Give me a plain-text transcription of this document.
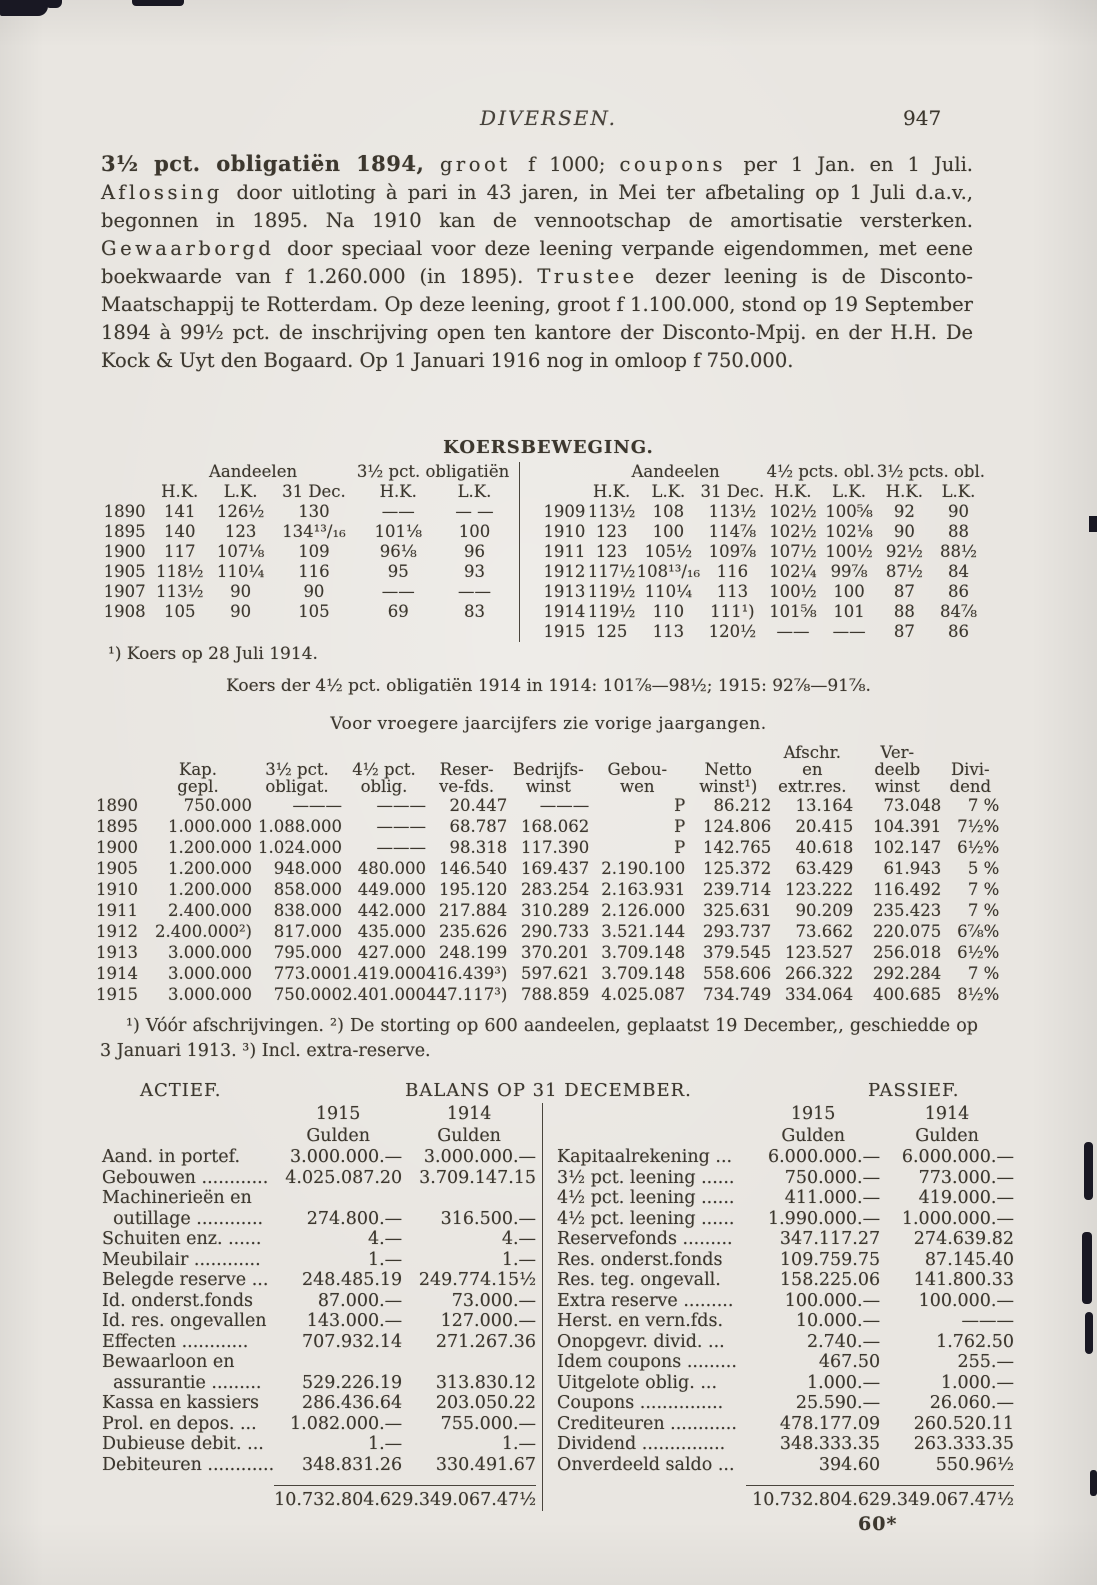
DIVERSEN.	947

3½ pct. obligatiën 1894, groot f 1000; coupons per 1 Jan. en 1 Juli. Aflossing door uitloting à pari in 43 jaren, in Mei ter afbetaling op 1 Juli d.a.v., begonnen in 1895. Na 1910 kan de vennootschap de amortisatie versterken. Gewaarborgd door speciaal voor deze leening verpande eigendommen, met eene boekwaarde van f 1.260.000 (in 1895). Trustee dezer leening is de Disconto-Maatschappij te Rotterdam. Op deze leening, groot f 1.100.000, stond op 19 September 1894 à 99½ pct. de inschrijving open ten kantore der Disconto-Mpij. en der H.H. De Kock & Uyt den Bogaard. Op 1 Januari 1916 nog in omloop f 750.000.

KOERSBEWEGING.
	Aandeelen			3½ pct. obligatiën	
	H.K.	L.K.	31 Dec.	H.K.	L.K.
1890	141	126½	130	——	— —
1895	140	123	134¹³/₁₆	101⅛	100
1900	117	107⅛	109	96⅛	96
1905	118½	110¼	116	95	93
1907	113½	90	90	——	——
1908	105	90	105	69	83
	Aandeelen			4½ pcts. obl.		3½ pcts. obl.	
	H.K.	L.K.	31 Dec.	H.K.	L.K.	H.K.	L.K.
1909	113½	108	113½	102½	100⅝	92	90
1910	123	100	114⅞	102½	102⅛	90	88
1911	123	105½	109⅞	107½	100½	92½	88½
1912	117½	108¹³/₁₆	116	102¼	99⅞	87½	84
1913	119½	110¼	113	100½	100	87	86
1914	119½	110	111¹)	101⅝	101	88	84⅞
1915	125	113	120½	——	——	87	86
¹) Koers op 28 Juli 1914.
Koers der 4½ pct. obligatiën 1914 in 1914: 101⅞—98½; 1915: 92⅞—91⅞.
Voor vroegere jaarcijfers zie vorige jaargangen.
								Afschr.	Ver-	
	Kap.	3½ pct.	4½ pct.	Reser-	Bedrijfs-	Gebou-	Netto	en	deelb	Divi-
	gepl.	obligat.	oblig.	ve-fds.	winst	wen	winst¹)	extr.res.	winst	dend
1890	750.000	———	———	20.447	———	P	86.212	13.164	73.048	7 %
1895	1.000.000	1.088.000	———	68.787	168.062	P	124.806	20.415	104.391	7½%
1900	1.200.000	1.024.000	———	98.318	117.390	P	142.765	40.618	102.147	6½%
1905	1.200.000	948.000	480.000	146.540	169.437	2.190.100	125.372	63.429	61.943	5 %
1910	1.200.000	858.000	449.000	195.120	283.254	2.163.931	239.714	123.222	116.492	7 %
1911	2.400.000	838.000	442.000	217.884	310.289	2.126.000	325.631	90.209	235.423	7 %
1912	2.400.000²)	817.000	435.000	235.626	290.733	3.521.144	293.737	73.662	220.075	6⅞%
1913	3.000.000	795.000	427.000	248.199	370.201	3.709.148	379.545	123.527	256.018	6½%
1914	3.000.000	773.000	1.419.000	416.439³)	597.621	3.709.148	558.606	266.322	292.284	7 %
1915	3.000.000	750.000	2.401.000	447.117³)	788.859	4.025.087	734.749	334.064	400.685	8½%
¹) Vóór afschrijvingen. ²) De storting op 600 aandeelen, geplaatst 19 December,, geschiedde op 3 Januari 1913. ³) Incl. extra-reserve.
BALANS OP 31 DECEMBER.
ACTIEF.	PASSIEF.
	1915	1914
	Gulden	Gulden
Aand. in portef.	3.000.000.—	3.000.000.—
Gebouwen ............	4.025.087.20	3.709.147.15
Machinerieën en		
outillage ............	274.800.—	316.500.—
Schuiten enz. ......	4.—	4.—
Meubilair ............	1.—	1.—
Belegde reserve ...	248.485.19	249.774.15½
Id. onderst.fonds	87.000.—	73.000.—
Id. res. ongevallen	143.000.—	127.000.—
Effecten ............	707.932.14	271.267.36
Bewaarloon en		
assurantie .........	529.226.19	313.830.12
Kassa en kassiers	286.436.64	203.050.22
Prol. en depos. ...	1.082.000.—	755.000.—
Dubieuse debit. ...	1.—	1.—
Debiteuren ............	348.831.26	330.491.67

	10.732.804.62	9.349.067.47½
	1915	1914
	Gulden	Gulden
Kapitaalrekening ...	6.000.000.—	6.000.000.—
3½ pct. leening ......	750.000.—	773.000.—
4½ pct. leening ......	411.000.—	419.000.—
4½ pct. leening ......	1.990.000.—	1.000.000.—
Reservefonds .........	347.117.27	274.639.82
Res. onderst.fonds	109.759.75	87.145.40
Res. teg. ongevall.	158.225.06	141.800.33
Extra reserve .........	100.000.—	100.000.—
Herst. en vern.fds.	10.000.—	———
Onopgevr. divid. ...	2.740.—	1.762.50
Idem coupons .........	467.50	255.—
Uitgelote oblig. ...	1.000.—	1.000.—
Coupons ...............	25.590.—	26.060.—
Crediteuren ............	478.177.09	260.520.11
Dividend ...............	348.333.35	263.333.35
Onverdeeld saldo ...	394.60	550.96½

	10.732.804.62	9.349.067.47½
60*
